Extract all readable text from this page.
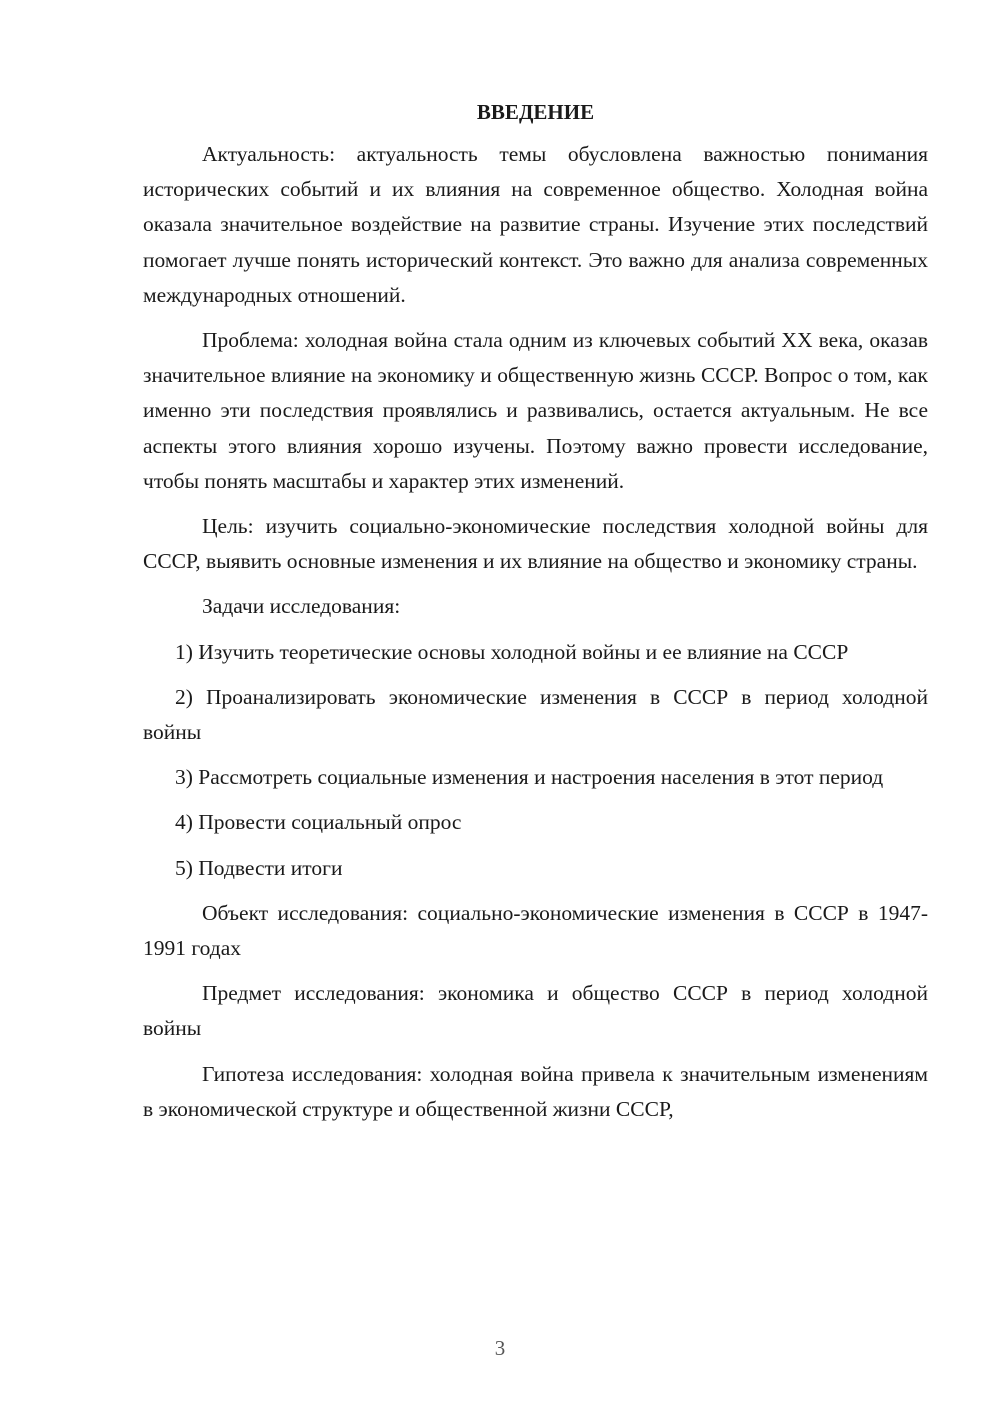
ВВЕДЕНИЕ

Актуальность: актуальность темы обусловлена важностью понимания исторических событий и их влияния на современное общество. Холодная война оказала значительное воздействие на развитие страны. Изучение этих последствий помогает лучше понять исторический контекст. Это важно для анализа современных международных отношений.

Проблема: холодная война стала одним из ключевых событий XX века, оказав значительное влияние на экономику и общественную жизнь СССР. Вопрос о том, как именно эти последствия проявлялись и развивались, остается актуальным. Не все аспекты этого влияния хорошо изучены. Поэтому важно провести исследование, чтобы понять масштабы и характер этих изменений.

Цель: изучить социально-экономические последствия холодной войны для СССР, выявить основные изменения и их влияние на общество и экономику страны.

Задачи исследования:

1) Изучить теоретические основы холодной войны и ее влияние на СССР

2) Проанализировать экономические изменения в СССР в период холодной войны

3) Рассмотреть социальные изменения и настроения населения в этот период

4) Провести социальный опрос

5) Подвести итоги

Объект исследования: социально-экономические изменения в СССР в 1947-1991 годах

Предмет исследования: экономика и общество СССР в период холодной войны

Гипотеза исследования: холодная война привела к значительным изменениям в экономической структуре и общественной жизни СССР,

3
